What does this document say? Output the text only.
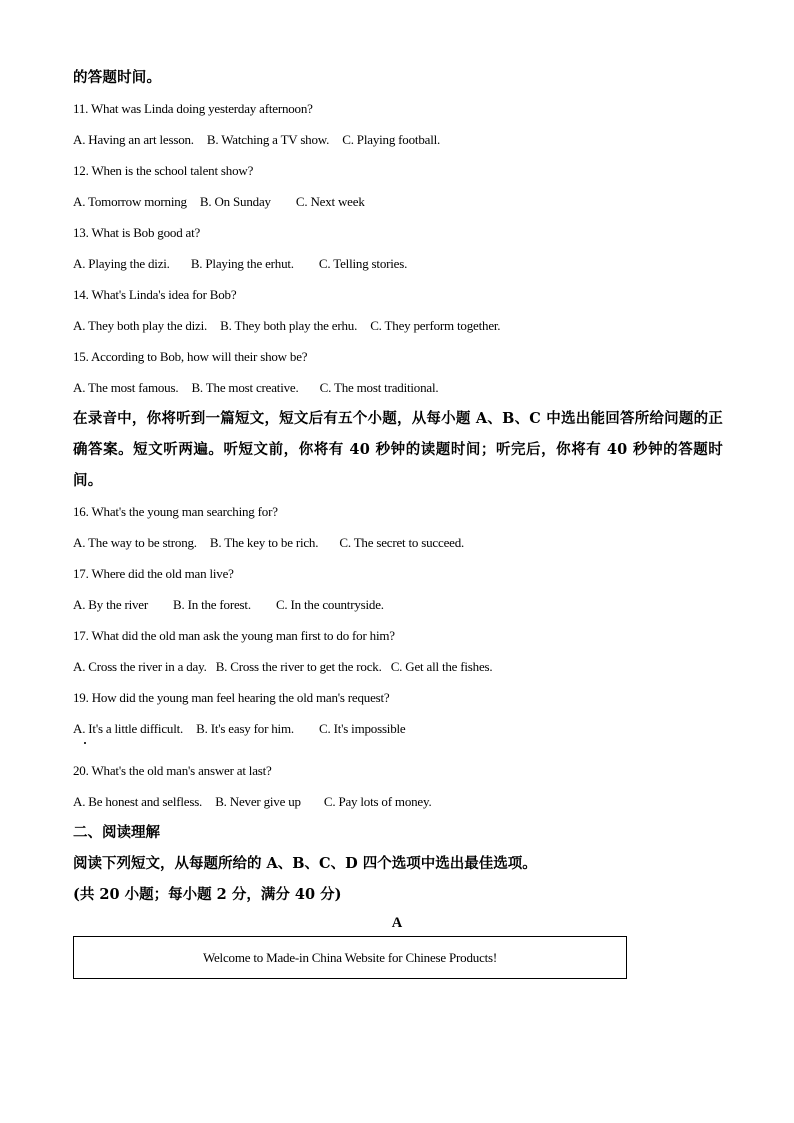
的答题时间。
11. What was Linda doing yesterday afternoon?
A. Having an art lesson. B. Watching a TV show. C. Playing football.
12. When is the school talent show?
A. Tomorrow morning B. On Sunday C. Next week
13. What is Bob good at?
A. Playing the dizi. B. Playing the erhut. C. Telling stories.
14. What's Linda's idea for Bob?
A. They both play the dizi. B. They both play the erhu. C. They perform together.
15. According to Bob, how will their show be?
A. The most famous. B. The most creative. C. The most traditional.
在录音中，你将听到一篇短文，短文后有五个小题，从每小题 A、B、C 中选出能回答所给问题的正确答案。短文听两遍。听短文前，你将有 40 秒钟的读题时间；听完后，你将有 40 秒钟的答题时间。
16. What's the young man searching for?
A. The way to be strong. B. The key to be rich. C. The secret to succeed.
17. Where did the old man live?
A. By the river B. In the forest. C. In the countryside.
17. What did the old man ask the young man first to do for him?
A. Cross the river in a day. B. Cross the river to get the rock. C. Get all the fishes.
19. How did the young man feel hearing the old man's request?
A. It's a little difficult. B. It's easy for him. C. It's impossible
20. What's the old man's answer at last?
A. Be honest and selfless. B. Never give up C. Pay lots of money.
二、阅读理解
阅读下列短文，从每题所给的 A、B、C、D 四个选项中选出最佳选项。
(共 20 小题；每小题 2 分，满分 40 分)
A
Welcome to Made-in China Website for Chinese Products!
